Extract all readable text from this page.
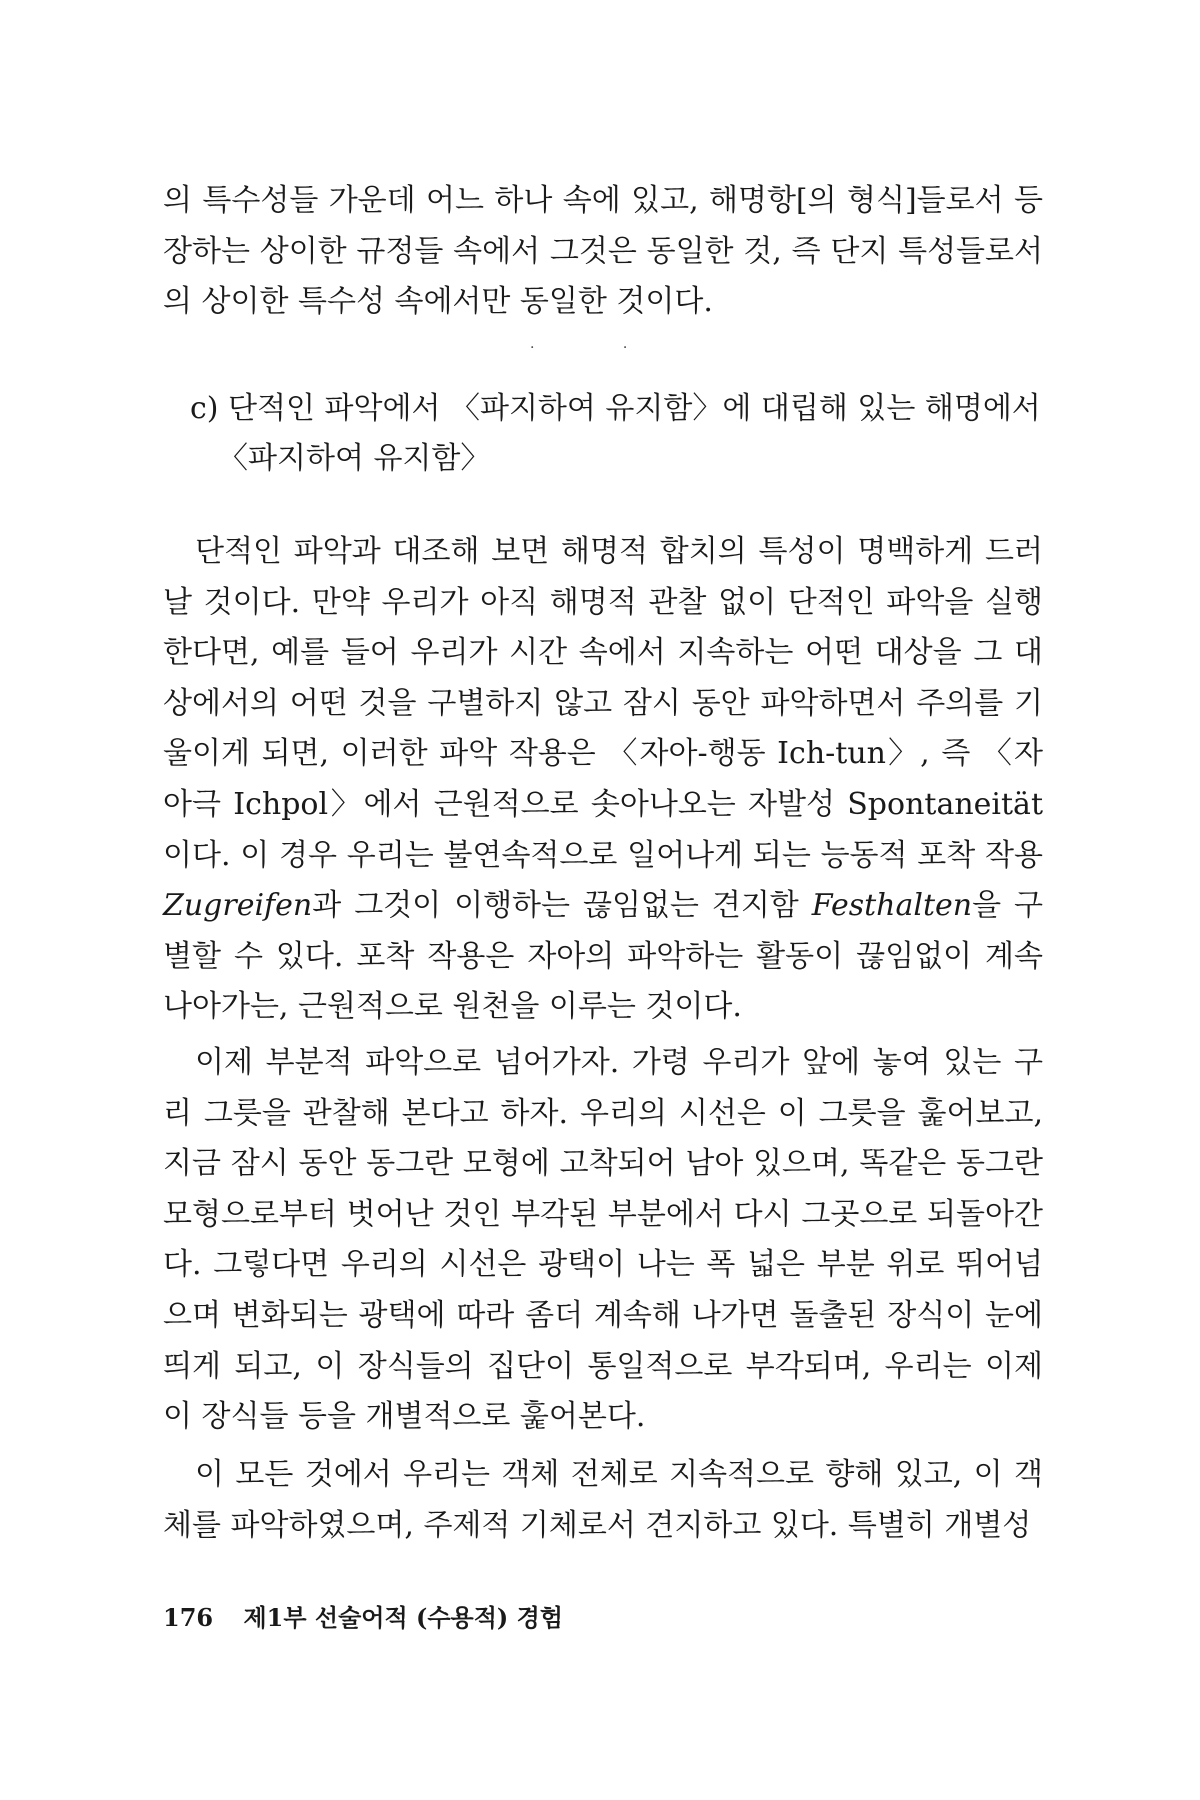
의 특수성들 가운데 어느 하나 속에 있고, 해명항[의 형식]들로서 등장하는 상이한 규정들 속에서 그것은 동일한 것, 즉 단지 특성들로서의 상이한 특수성 속에서만 동일한 것이다.

· ·
c) 단적인 파악에서 〈파지하여 유지함〉에 대립해 있는 해명에서
〈파지하여 유지함〉

단적인 파악과 대조해 보면 해명적 합치의 특성이 명백하게 드러날 것이다. 만약 우리가 아직 해명적 관찰 없이 단적인 파악을 실행한다면, 예를 들어 우리가 시간 속에서 지속하는 어떤 대상을 그 대상에서의 어떤 것을 구별하지 않고 잠시 동안 파악하면서 주의를 기울이게 되면, 이러한 파악 작용은 〈자아-행동 Ich-tun〉, 즉 〈자아극 Ichpol〉에서 근원적으로 솟아나오는 자발성 Spontaneität이다. 이 경우 우리는 불연속적으로 일어나게 되는 능동적 포착 작용 Zugreifen과 그것이 이행하는 끊임없는 견지함 Festhalten을 구별할 수 있다. 포착 작용은 자아의 파악하는 활동이 끊임없이 계속 나아가는, 근원적으로 원천을 이루는 것이다.

이제 부분적 파악으로 넘어가자. 가령 우리가 앞에 놓여 있는 구리 그릇을 관찰해 본다고 하자. 우리의 시선은 이 그릇을 훑어보고, 지금 잠시 동안 동그란 모형에 고착되어 남아 있으며, 똑같은 동그란 모형으로부터 벗어난 것인 부각된 부분에서 다시 그곳으로 되돌아간다. 그렇다면 우리의 시선은 광택이 나는 폭 넓은 부분 위로 뛰어넘으며 변화되는 광택에 따라 좀더 계속해 나가면 돌출된 장식이 눈에 띄게 되고, 이 장식들의 집단이 통일적으로 부각되며, 우리는 이제 이 장식들 등을 개별적으로 훑어본다.

이 모든 것에서 우리는 객체 전체로 지속적으로 향해 있고, 이 객체를 파악하였으며, 주제적 기체로서 견지하고 있다. 특별히 개별성

176 제1부 선술어적 (수용적) 경험
